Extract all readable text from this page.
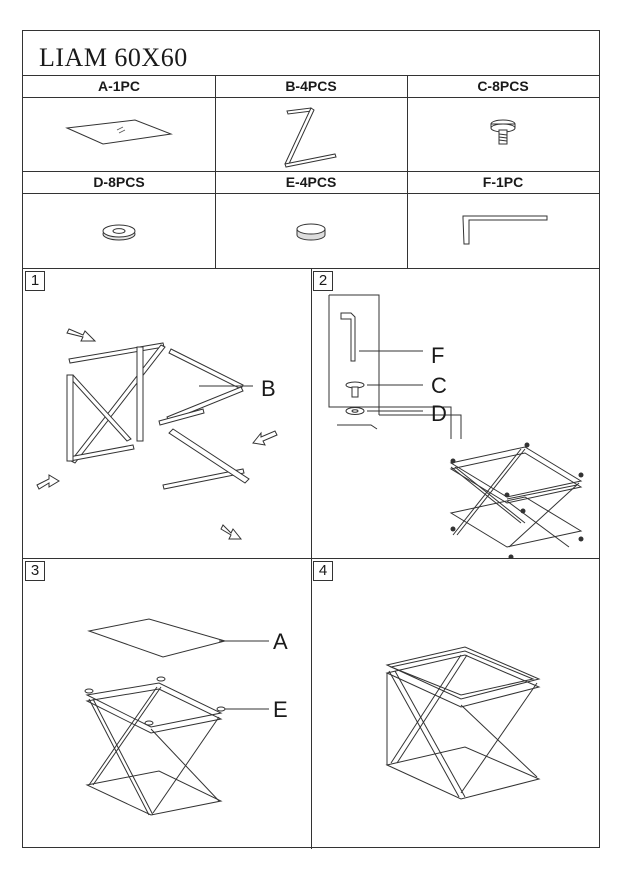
LIAM 60X60
A-1PC	B-4PCS	C-8PCS
D-8PCS	E-4PCS	F-1PC
1	2
3	4
B
F
C
D
A
E
